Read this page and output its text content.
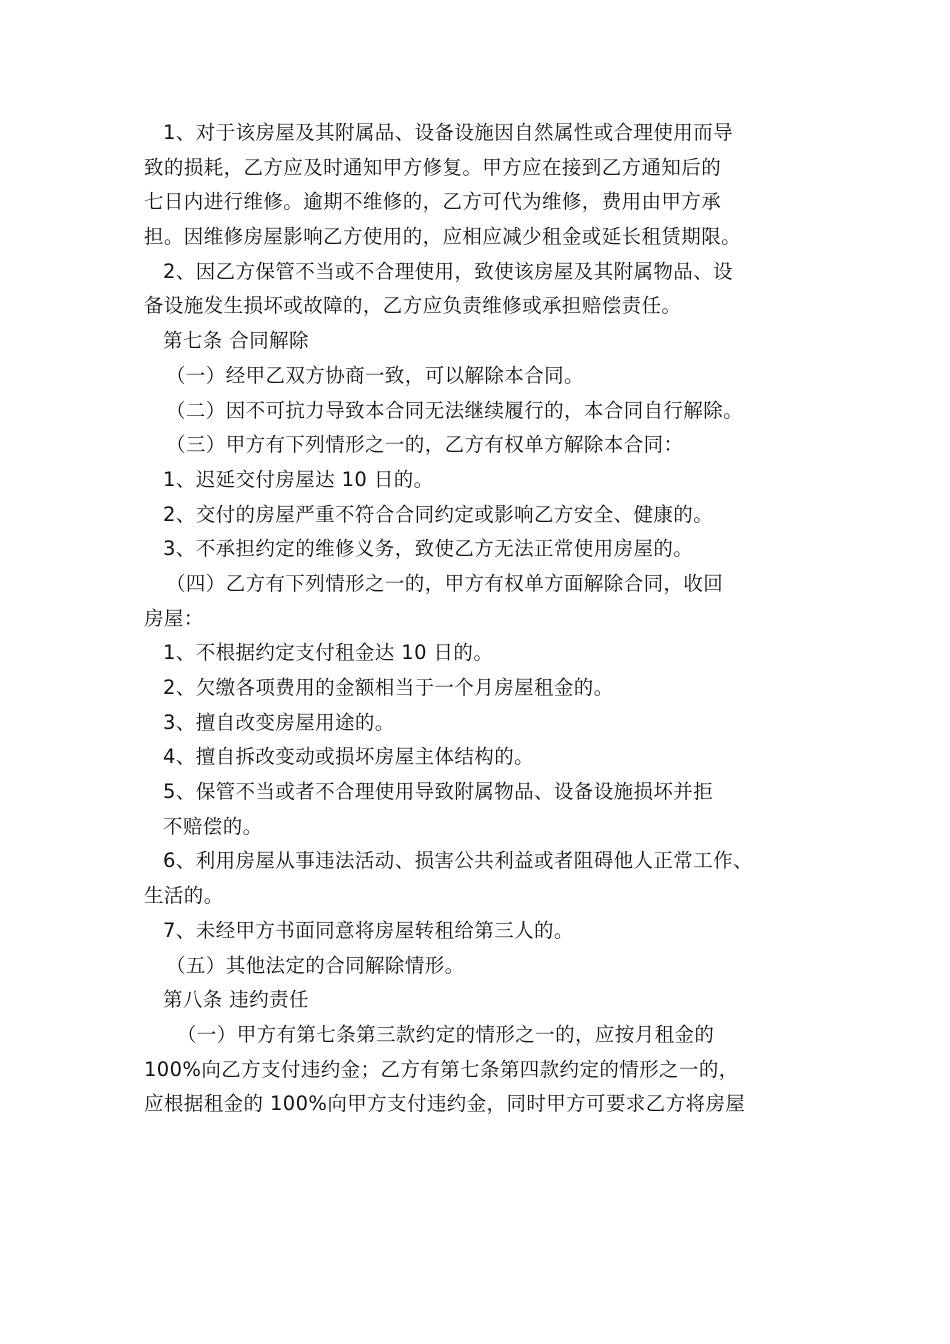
1、对于该房屋及其附属品、设备设施因自然属性或合理使用而导
致的损耗，乙方应及时通知甲方修复。甲方应在接到乙方通知后的
七日内进行维修。逾期不维修的，乙方可代为维修，费用由甲方承
担。因维修房屋影响乙方使用的，应相应减少租金或延长租赁期限。
2、因乙方保管不当或不合理使用，致使该房屋及其附属物品、设
备设施发生损坏或故障的，乙方应负责维修或承担赔偿责任。
第七条 合同解除
（一）经甲乙双方协商一致，可以解除本合同。
（二）因不可抗力导致本合同无法继续履行的，本合同自行解除。
（三）甲方有下列情形之一的，乙方有权单方解除本合同：
1、迟延交付房屋达 10 日的。
2、交付的房屋严重不符合合同约定或影响乙方安全、健康的。
3、不承担约定的维修义务，致使乙方无法正常使用房屋的。
（四）乙方有下列情形之一的，甲方有权单方面解除合同，收回
房屋：
1、不根据约定支付租金达 10 日的。
2、欠缴各项费用的金额相当于一个月房屋租金的。
3、擅自改变房屋用途的。
4、擅自拆改变动或损坏房屋主体结构的。
5、保管不当或者不合理使用导致附属物品、设备设施损坏并拒
不赔偿的。
6、利用房屋从事违法活动、损害公共利益或者阻碍他人正常工作、
生活的。
7、未经甲方书面同意将房屋转租给第三人的。
（五）其他法定的合同解除情形。
第八条 违约责任
（一）甲方有第七条第三款约定的情形之一的，应按月租金的
100%向乙方支付违约金；乙方有第七条第四款约定的情形之一的，
应根据租金的 100%向甲方支付违约金，同时甲方可要求乙方将房屋
